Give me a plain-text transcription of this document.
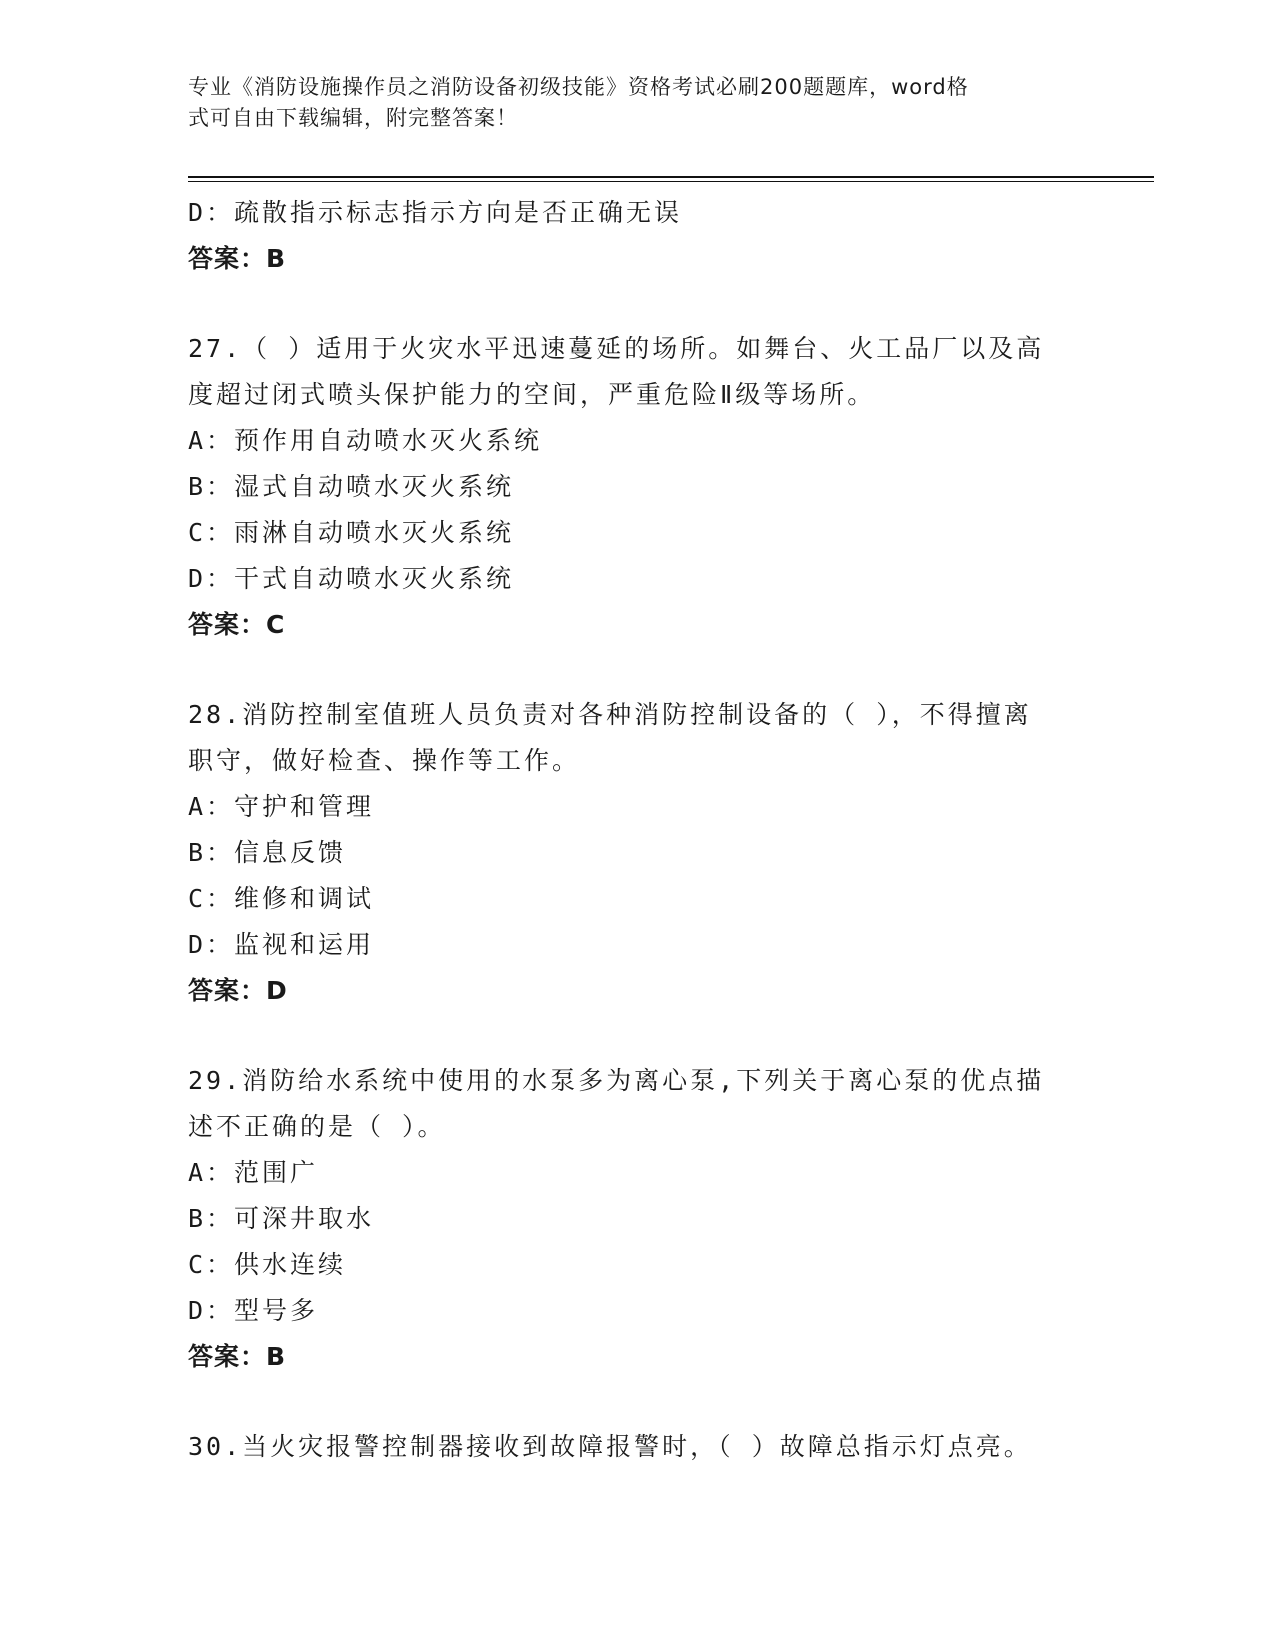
专业《消防设施操作员之消防设备初级技能》资格考试必刷200题题库，word格
式可自由下载编辑，附完整答案！
D：疏散指示标志指示方向是否正确无误
答案：B
27.（ ）适用于火灾水平迅速蔓延的场所。如舞台、火工品厂以及高
度超过闭式喷头保护能力的空间，严重危险Ⅱ级等场所。
A：预作用自动喷水灭火系统
B：湿式自动喷水灭火系统
C：雨淋自动喷水灭火系统
D：干式自动喷水灭火系统
答案：C
28.消防控制室值班人员负责对各种消防控制设备的（ ），不得擅离
职守，做好检查、操作等工作。
A：守护和管理
B：信息反馈
C：维修和调试
D：监视和运用
答案：D
29.消防给水系统中使用的水泵多为离心泵,下列关于离心泵的优点描
述不正确的是（ ）。
A：范围广
B：可深井取水
C：供水连续
D：型号多
答案：B
30.当火灾报警控制器接收到故障报警时，（ ）故障总指示灯点亮。
